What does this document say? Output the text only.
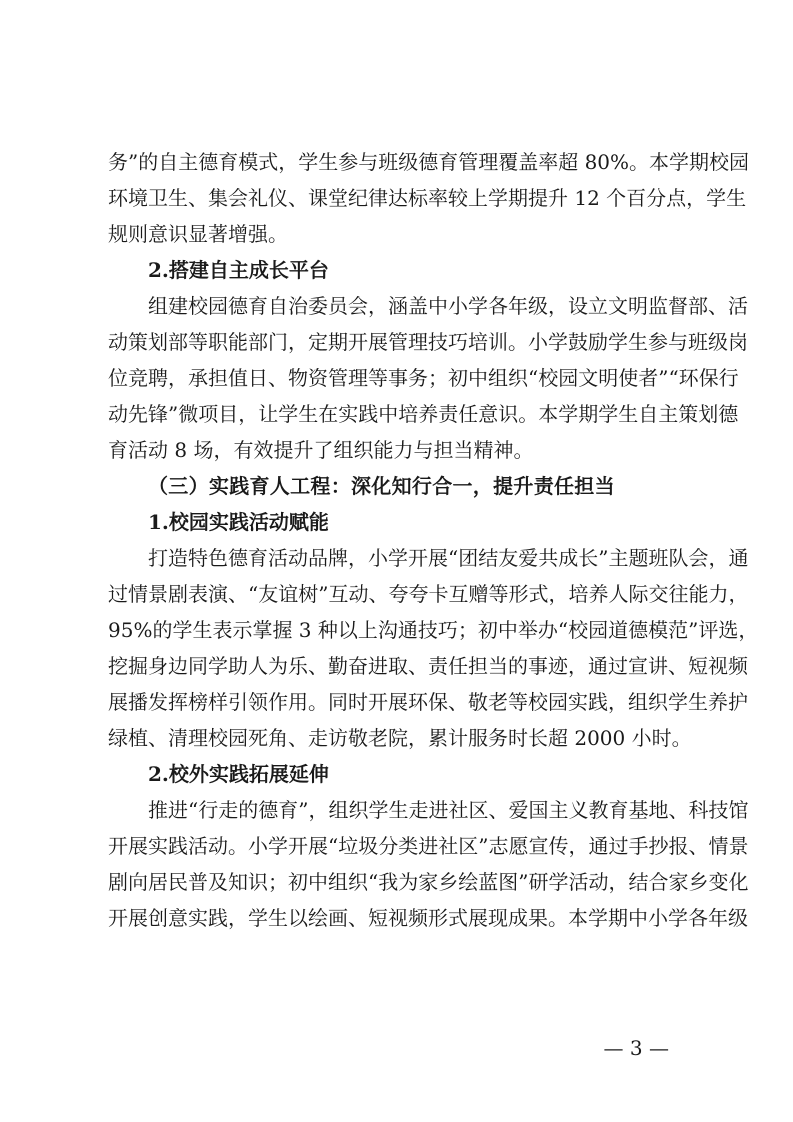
务”的自主德育模式，学生参与班级德育管理覆盖率超 80%。本学期校园
环境卫生、集会礼仪、课堂纪律达标率较上学期提升 12 个百分点，学生
规则意识显著增强。
2.搭建自主成长平台
组建校园德育自治委员会，涵盖中小学各年级，设立文明监督部、活
动策划部等职能部门，定期开展管理技巧培训。小学鼓励学生参与班级岗
位竞聘，承担值日、物资管理等事务；初中组织“校园文明使者”“环保行
动先锋”微项目，让学生在实践中培养责任意识。本学期学生自主策划德
育活动 8 场，有效提升了组织能力与担当精神。
（三）实践育人工程：深化知行合一，提升责任担当
1.校园实践活动赋能
打造特色德育活动品牌，小学开展“团结友爱共成长”主题班队会，通
过情景剧表演、“友谊树”互动、夸夸卡互赠等形式，培养人际交往能力，
95%的学生表示掌握 3 种以上沟通技巧；初中举办“校园道德模范”评选，
挖掘身边同学助人为乐、勤奋进取、责任担当的事迹，通过宣讲、短视频
展播发挥榜样引领作用。同时开展环保、敬老等校园实践，组织学生养护
绿植、清理校园死角、走访敬老院，累计服务时长超 2000 小时。
2.校外实践拓展延伸
推进“行走的德育”，组织学生走进社区、爱国主义教育基地、科技馆
开展实践活动。小学开展“垃圾分类进社区”志愿宣传，通过手抄报、情景
剧向居民普及知识；初中组织“我为家乡绘蓝图”研学活动，结合家乡变化
开展创意实践，学生以绘画、短视频形式展现成果。本学期中小学各年级
— 3 —
